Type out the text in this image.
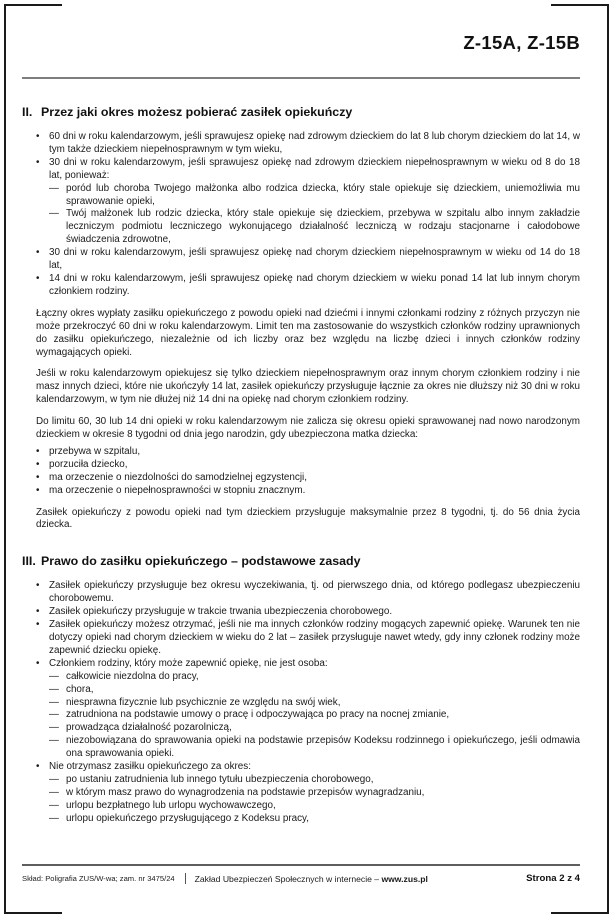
Z-15A, Z-15B
II. Przez jaki okres możesz pobierać zasiłek opiekuńczy
• 60 dni w roku kalendarzowym, jeśli sprawujesz opiekę nad zdrowym dzieckiem do lat 8 lub chorym dzieckiem do lat 14, w tym także dzieckiem niepełnosprawnym w tym wieku,
• 30 dni w roku kalendarzowym, jeśli sprawujesz opiekę nad zdrowym dzieckiem niepełnosprawnym w wieku od 8 do 18 lat, ponieważ:
— poród lub choroba Twojego małżonka albo rodzica dziecka, który stale opiekuje się dzieckiem, uniemożliwia mu sprawowanie opieki,
— Twój małżonek lub rodzic dziecka, który stale opiekuje się dzieckiem, przebywa w szpitalu albo innym zakładzie leczniczym podmiotu leczniczego wykonującego działalność leczniczą w rodzaju stacjonarne i całodobowe świadczenia zdrowotne,
• 30 dni w roku kalendarzowym, jeśli sprawujesz opiekę nad chorym dzieckiem niepełnosprawnym w wieku od 14 do 18 lat,
• 14 dni w roku kalendarzowym, jeśli sprawujesz opiekę nad chorym dzieckiem w wieku ponad 14 lat lub innym chorym członkiem rodziny.
Łączny okres wypłaty zasiłku opiekuńczego z powodu opieki nad dziećmi i innymi członkami rodziny z różnych przyczyn nie może przekroczyć 60 dni w roku kalendarzowym. Limit ten ma zastosowanie do wszystkich członków rodziny uprawnionych do zasiłku opiekuńczego, niezależnie od ich liczby oraz bez względu na liczbę dzieci i innych członków rodziny wymagających opieki.
Jeśli w roku kalendarzowym opiekujesz się tylko dzieckiem niepełnosprawnym oraz innym chorym członkiem rodziny i nie masz innych dzieci, które nie ukończyły 14 lat, zasiłek opiekuńczy przysługuje łącznie za okres nie dłuższy niż 30 dni w roku kalendarzowym, w tym nie dłużej niż 14 dni na opiekę nad chorym członkiem rodziny.
Do limitu 60, 30 lub 14 dni opieki w roku kalendarzowym nie zalicza się okresu opieki sprawowanej nad nowo narodzonym dzieckiem w okresie 8 tygodni od dnia jego narodzin, gdy ubezpieczona matka dziecka:
• przebywa w szpitalu,
• porzuciła dziecko,
• ma orzeczenie o niezdolności do samodzielnej egzystencji,
• ma orzeczenie o niepełnosprawności w stopniu znacznym.
Zasiłek opiekuńczy z powodu opieki nad tym dzieckiem przysługuje maksymalnie przez 8 tygodni, tj. do 56 dnia życia dziecka.
III. Prawo do zasiłku opiekuńczego – podstawowe zasady
• Zasiłek opiekuńczy przysługuje bez okresu wyczekiwania, tj. od pierwszego dnia, od którego podlegasz ubezpieczeniu chorobowemu.
• Zasiłek opiekuńczy przysługuje w trakcie trwania ubezpieczenia chorobowego.
• Zasiłek opiekuńczy możesz otrzymać, jeśli nie ma innych członków rodziny mogących zapewnić opiekę. Warunek ten nie dotyczy opieki nad chorym dzieckiem w wieku do 2 lat – zasiłek przysługuje nawet wtedy, gdy inny członek rodziny może zapewnić dziecku opiekę.
• Członkiem rodziny, który może zapewnić opiekę, nie jest osoba:
— całkowicie niezdolna do pracy,
— chora,
— niesprawna fizycznie lub psychicznie ze względu na swój wiek,
— zatrudniona na podstawie umowy o pracę i odpoczywająca po pracy na nocnej zmianie,
— prowadząca działalność pozarolniczą,
— niezobowiązana do sprawowania opieki na podstawie przepisów Kodeksu rodzinnego i opiekuńczego, jeśli odmawia ona sprawowania opieki.
• Nie otrzymasz zasiłku opiekuńczego za okres:
— po ustaniu zatrudnienia lub innego tytułu ubezpieczenia chorobowego,
— w którym masz prawo do wynagrodzenia na podstawie przepisów wynagradzaniu,
— urlopu bezpłatnego lub urlopu wychowawczego,
— urlopu opiekuńczego przysługującego z Kodeksu pracy,
Skład: Poligrafia ZUS/W-wa; zam. nr 3475/24 Zakład Ubezpieczeń Społecznych w internecie – www.zus.pl	Strona 2 z 4
